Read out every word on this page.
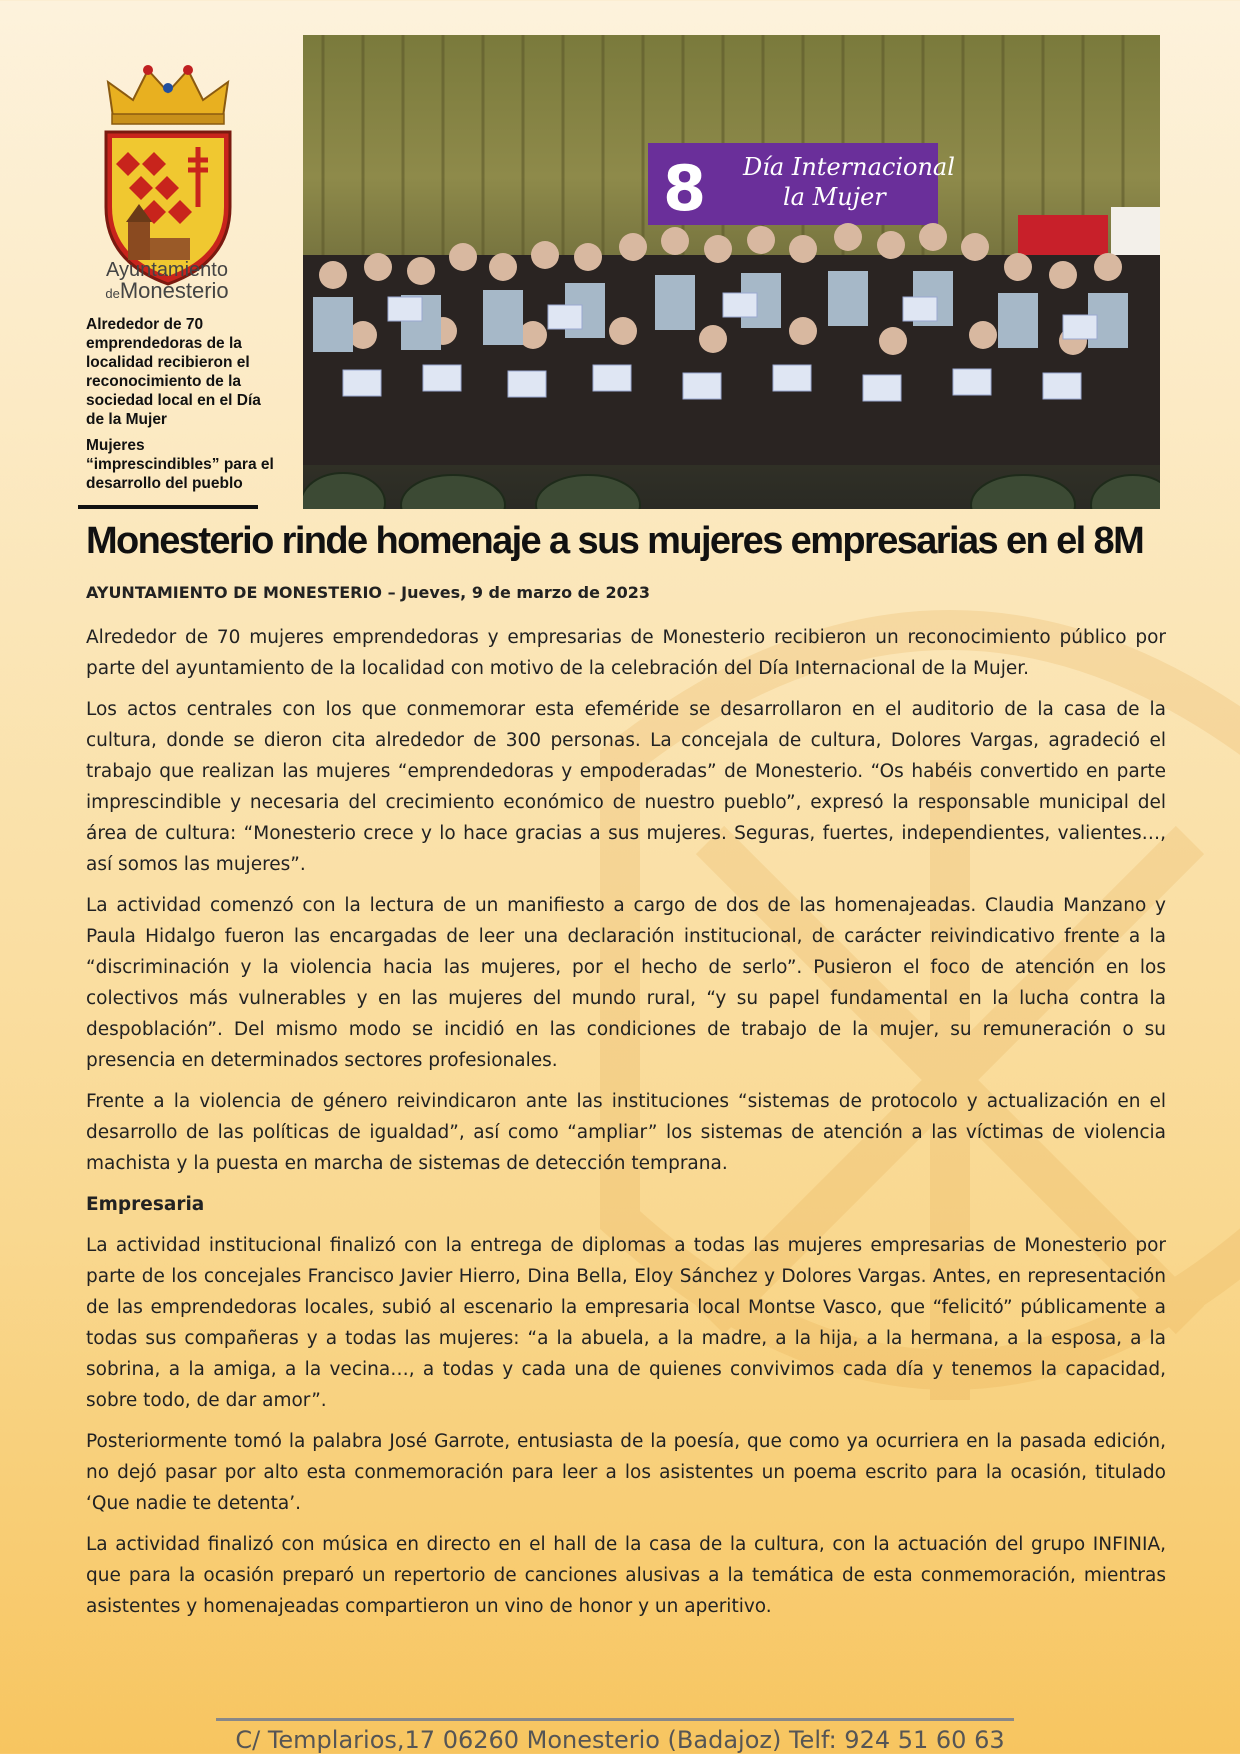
Ayuntamiento
deMonesterio
Alrededor de 70 emprendedoras de la localidad recibieron el reconocimiento de la sociedad local en el Día de la Mujer
Mujeres “imprescindibles” para el desarrollo del pueblo
8 Día Internacional
la Mujer
Monesterio rinde homenaje a sus mujeres empresarias en el 8M
AYUNTAMIENTO DE MONESTERIO – Jueves, 9 de marzo de 2023

Alrededor de 70 mujeres emprendedoras y empresarias de Monesterio recibieron un reconocimiento público por parte del ayuntamiento de la localidad con motivo de la celebración del Día Internacional de la Mujer.

Los actos centrales con los que conmemorar esta efeméride se desarrollaron en el auditorio de la casa de la cultura, donde se dieron cita alrededor de 300 personas. La concejala de cultura, Dolores Vargas, agradeció el trabajo que realizan las mujeres “emprendedoras y empoderadas” de Monesterio. “Os habéis convertido en parte imprescindible y necesaria del crecimiento económico de nuestro pueblo”, expresó la responsable municipal del área de cultura: “Monesterio crece y lo hace gracias a sus mujeres. Seguras, fuertes, independientes, valientes…, así somos las mujeres”.

La actividad comenzó con la lectura de un manifiesto a cargo de dos de las homenajeadas. Claudia Manzano y Paula Hidalgo fueron las encargadas de leer una declaración institucional, de carácter reivindicativo frente a la “discriminación y la violencia hacia las mujeres, por el hecho de serlo”. Pusieron el foco de atención en los colectivos más vulnerables y en las mujeres del mundo rural, “y su papel fundamental en la lucha contra la despoblación”. Del mismo modo se incidió en las condiciones de trabajo de la mujer, su remuneración o su presencia en determinados sectores profesionales.

Frente a la violencia de género reivindicaron ante las instituciones “sistemas de protocolo y actualización en el desarrollo de las políticas de igualdad”, así como “ampliar” los sistemas de atención a las víctimas de violencia machista y la puesta en marcha de sistemas de detección temprana.

Empresaria

La actividad institucional finalizó con la entrega de diplomas a todas las mujeres empresarias de Monesterio por parte de los concejales Francisco Javier Hierro, Dina Bella, Eloy Sánchez y Dolores Vargas. Antes, en representación de las emprendedoras locales, subió al escenario la empresaria local Montse Vasco, que “felicitó” públicamente a todas sus compañeras y a todas las mujeres: “a la abuela, a la madre, a la hija, a la hermana, a la esposa, a la sobrina, a la amiga, a la vecina…, a todas y cada una de quienes convivimos cada día y tenemos la capacidad, sobre todo, de dar amor”.

Posteriormente tomó la palabra José Garrote, entusiasta de la poesía, que como ya ocurriera en la pasada edición, no dejó pasar por alto esta conmemoración para leer a los asistentes un poema escrito para la ocasión, titulado ‘Que nadie te detenta’.

La actividad finalizó con música en directo en el hall de la casa de la cultura, con la actuación del grupo INFINIA, que para la ocasión preparó un repertorio de canciones alusivas a la temática de esta conmemoración, mientras asistentes y homenajeadas compartieron un vino de honor y un aperitivo.

C/ Templarios,17 06260 Monesterio (Badajoz) Telf: 924 51 60 63
